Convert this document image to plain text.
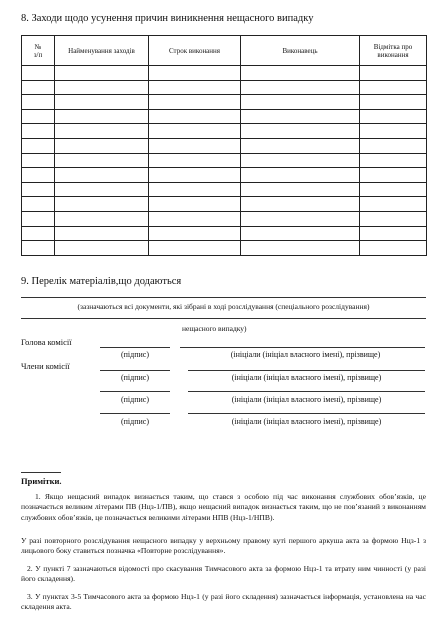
8. Заходи щодо усунення причин виникнення нещасного випадку
№
з/п	Найменування заходів	Строк виконання	Виконавець	Відмітка про
виконання

9. Перелік матеріалів,що додаються
(зазначаються всі документи, які зібрані в ході розслідування (спеціального розслідування)
нещасного випадку)
Голова комісії
(підпис)	(ініціали (ініціал власного імені), прізвище)
Члени комісії
(підпис)	(ініціали (ініціал власного імені), прізвище)
(підпис)	(ініціали (ініціал власного імені), прізвище)
(підпис)	(ініціали (ініціал власного імені), прізвище)
Примітки.
1. Якщо нещасний випадок визнається таким, що стався з особою під час виконання службових обов’язків, це позначається великим літерами ПВ (Нцз-1/ПВ), якщо нещасний випадок визнається таким, що не пов’язаний з виконанням службових обов’язків, це позначається великими літерами НПВ (Нцз-1/НПВ).
У разі повторного розслідування нещасного випадку у верхньому правому куті першого аркуша акта за формою Нцз-1 з лицьового боку ставиться позначка «Повторне розслідування».
2. У пункті 7 зазначаються відомості про скасування Тимчасового акта за формою Нцз-1 та втрату ним чинності (у разі його складення).
3. У пунктах 3-5 Тимчасового акта за формою Нцз-1 (у разі його складення) зазначається інформація, установлена на час складення акта.
